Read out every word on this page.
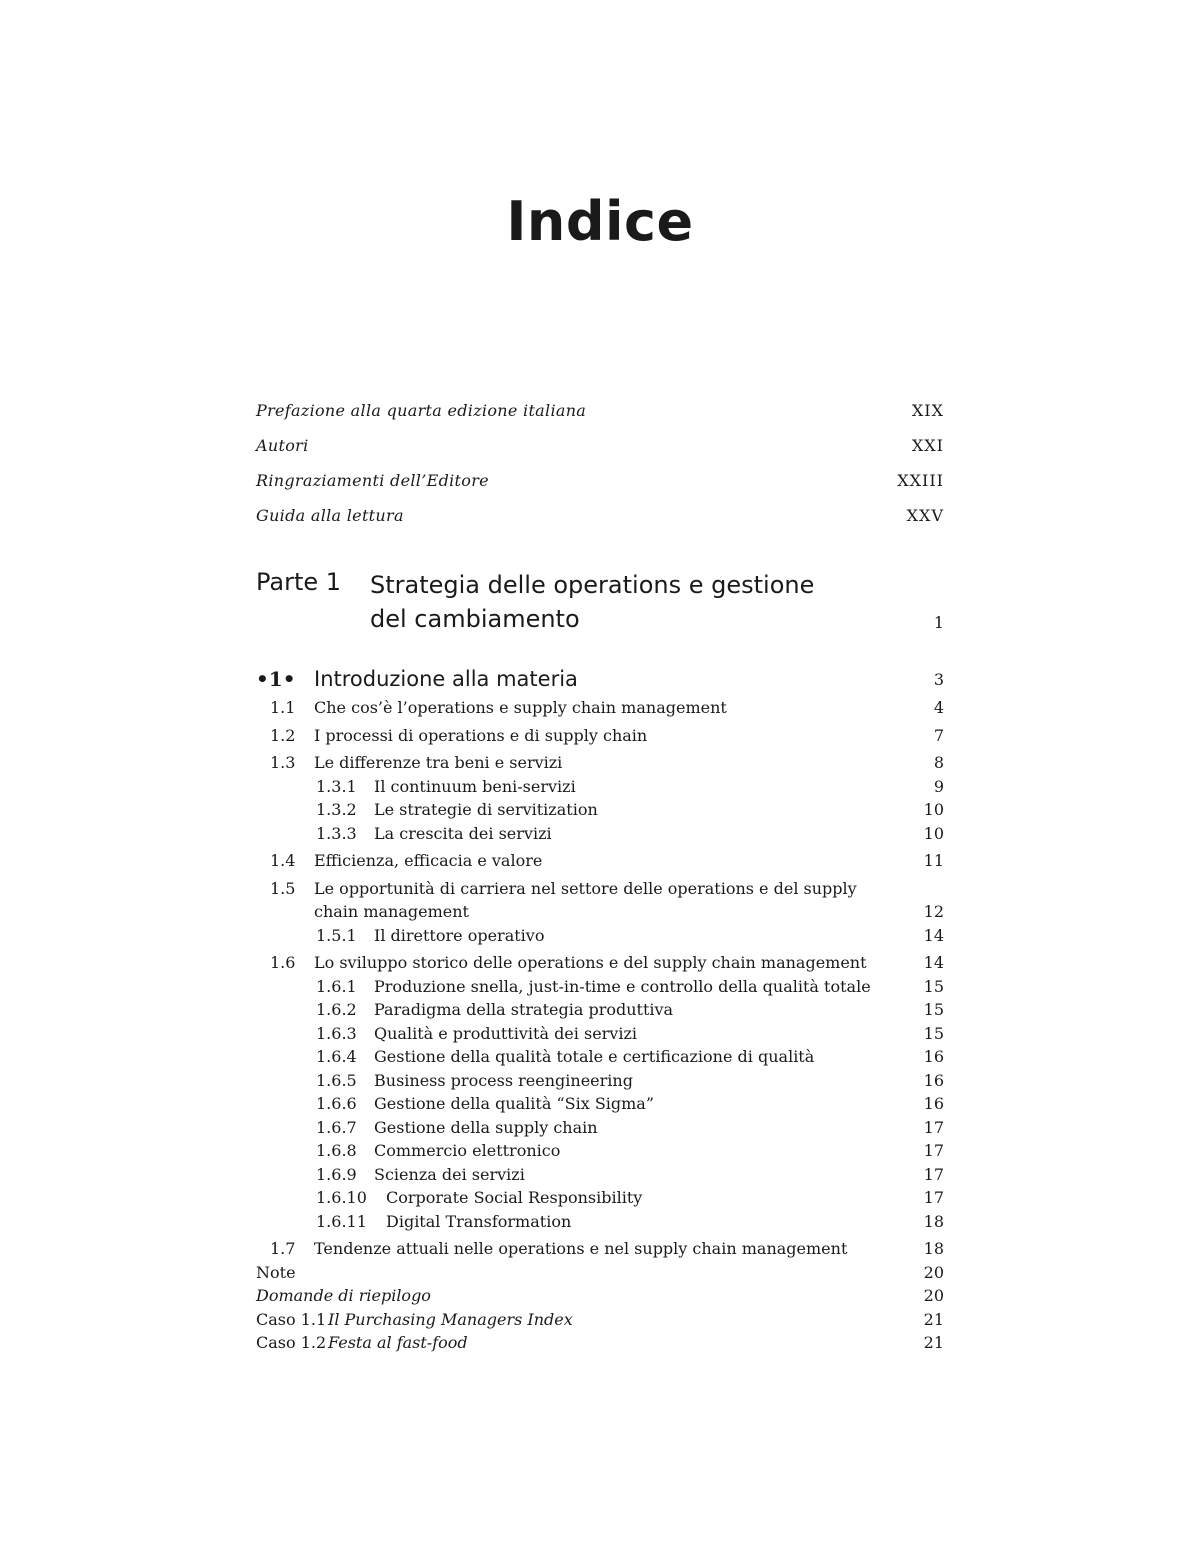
Indice
Prefazione alla quarta edizione italiana	XIX
Autori	XXI
Ringraziamenti dell’Editore	XXIII
Guida alla lettura	XXV
Parte 1	Strategia delle operations e gestione
del cambiamento	1
•1• Introduzione alla materia	3
1.1	Che cos’è l’operations e supply chain management	4
1.2	I processi di operations e di supply chain	7
1.3	Le differenze tra beni e servizi	8
1.3.1	Il continuum beni-servizi	9
1.3.2	Le strategie di servitization	10
1.3.3	La crescita dei servizi	10
1.4	Efficienza, efficacia e valore	11
1.5	Le opportunità di carriera nel settore delle operations e del supply chain management	12
1.5.1	Il direttore operativo	14
1.6	Lo sviluppo storico delle operations e del supply chain management	14
1.6.1	Produzione snella, just-in-time e controllo della qualità totale	15
1.6.2	Paradigma della strategia produttiva	15
1.6.3	Qualità e produttività dei servizi	15
1.6.4	Gestione della qualità totale e certificazione di qualità	16
1.6.5	Business process reengineering	16
1.6.6	Gestione della qualità “Six Sigma”	16
1.6.7	Gestione della supply chain	17
1.6.8	Commercio elettronico	17
1.6.9	Scienza dei servizi	17
1.6.10	Corporate Social Responsibility	17
1.6.11	Digital Transformation	18
1.7	Tendenze attuali nelle operations e nel supply chain management	18
Note	20
Domande di riepilogo	20
Caso 1.1 Il Purchasing Managers Index	21
Caso 1.2 Festa al fast-food	21
